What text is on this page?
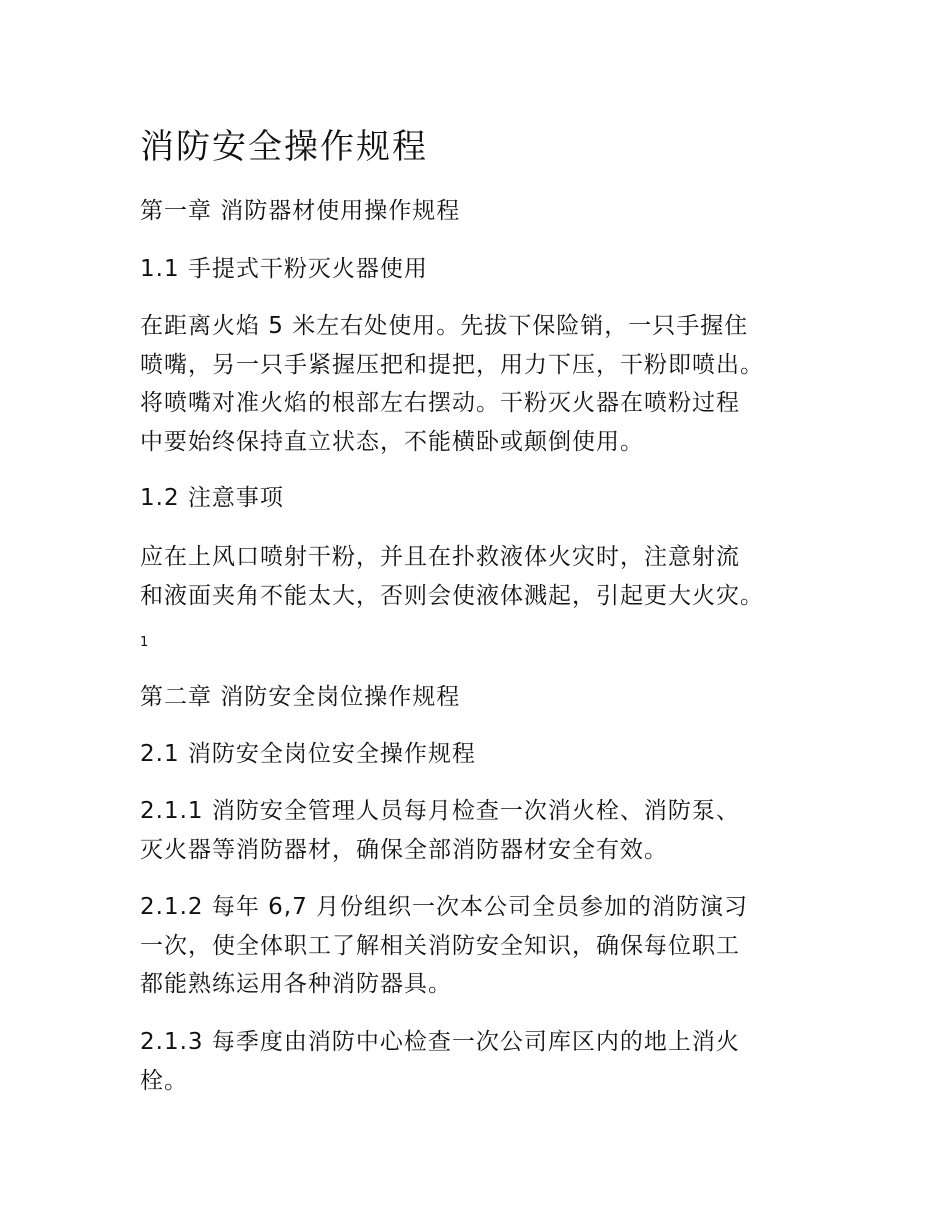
消防安全操作规程

第一章 消防器材使用操作规程

1.1 手提式干粉灭火器使用

在距离火焰 5 米左右处使用。先拔下保险销，一只手握住
喷嘴，另一只手紧握压把和提把，用力下压，干粉即喷出。
将喷嘴对准火焰的根部左右摆动。干粉灭火器在喷粉过程
中要始终保持直立状态，不能横卧或颠倒使用。

1.2 注意事项

应在上风口喷射干粉，并且在扑救液体火灾时，注意射流
和液面夹角不能太大，否则会使液体溅起，引起更大火灾。

1

第二章 消防安全岗位操作规程

2.1 消防安全岗位安全操作规程

2.1.1 消防安全管理人员每月检查一次消火栓、消防泵、
灭火器等消防器材，确保全部消防器材安全有效。

2.1.2 每年 6,7 月份组织一次本公司全员参加的消防演习
一次，使全体职工了解相关消防安全知识，确保每位职工
都能熟练运用各种消防器具。

2.1.3 每季度由消防中心检查一次公司库区内的地上消火
栓。
